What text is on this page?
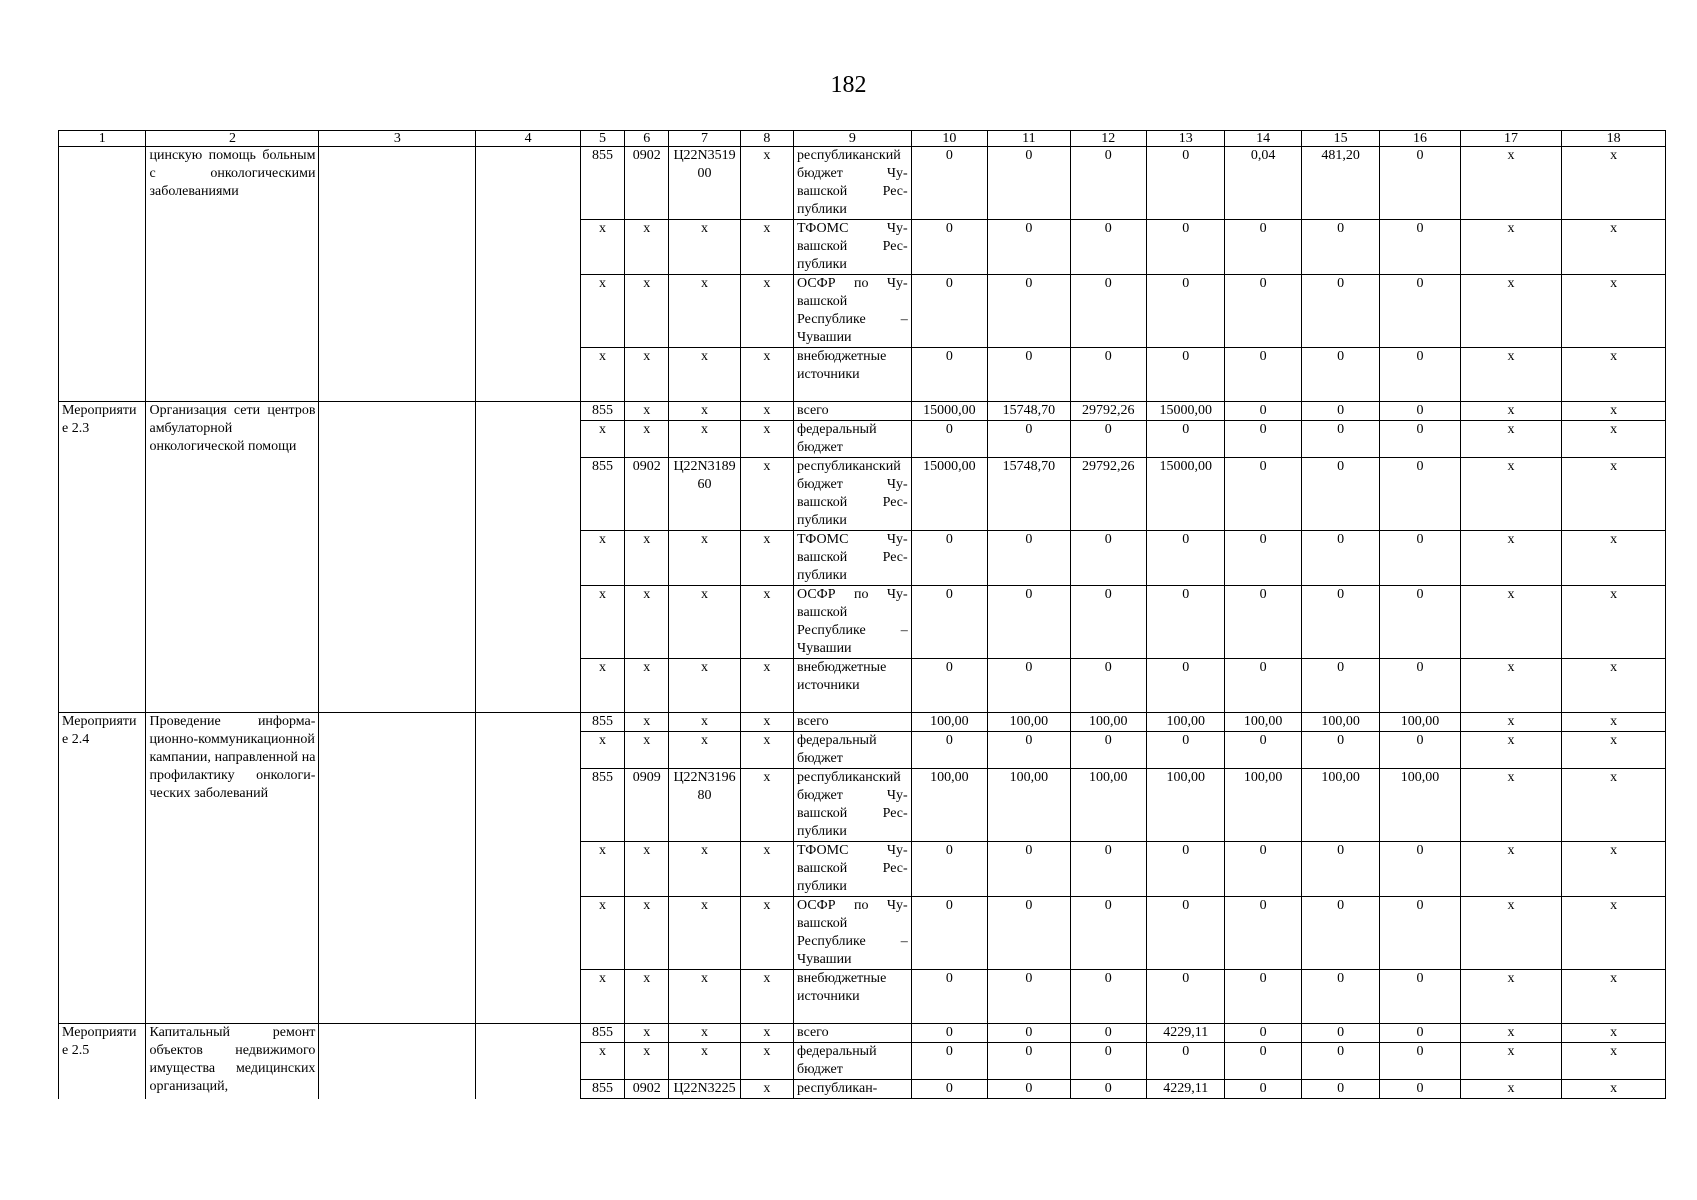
182
1	2	3	4	5	6	7	8	9	10	11	12	13	14	15	16	17	18
	цинскую помощь больным с онкологическими заболеваниями			855	0902	Ц22N3519 00	x	республиканский бюджет Чувашской Республики	0	0	0	0	0,04	481,20	0	x	x
				x	x	x	x	ТФОМС Чувашской Республики	0	0	0	0	0	0	0	x	x
				x	x	x	x	ОСФР по Чувашской Республике – Чувашии	0	0	0	0	0	0	0	x	x
				x	x	x	x	внебюджетные источники	0	0	0	0	0	0	0	x	x
Мероприятие 2.3	Организация сети центров амбулаторной онкологической помощи			855	x	x	x	всего	15000,00	15748,70	29792,26	15000,00	0	0	0	x	x
				x	x	x	x	федеральный бюджет	0	0	0	0	0	0	0	x	x
				855	0902	Ц22N3189 60	x	республиканский бюджет Чувашской Республики	15000,00	15748,70	29792,26	15000,00	0	0	0	x	x
				x	x	x	x	ТФОМС Чувашской Республики	0	0	0	0	0	0	0	x	x
				x	x	x	x	ОСФР по Чувашской Республике – Чувашии	0	0	0	0	0	0	0	x	x
				x	x	x	x	внебюджетные источники	0	0	0	0	0	0	0	x	x
Мероприятие 2.4	Проведение информационно-коммуникационной кампании, направленной на профилактику онкологических заболеваний			855	x	x	x	всего	100,00	100,00	100,00	100,00	100,00	100,00	100,00	x	x
				x	x	x	x	федеральный бюджет	0	0	0	0	0	0	0	x	x
				855	0909	Ц22N3196 80	x	республиканский бюджет Чувашской Республики	100,00	100,00	100,00	100,00	100,00	100,00	100,00	x	x
				x	x	x	x	ТФОМС Чувашской Республики	0	0	0	0	0	0	0	x	x
				x	x	x	x	ОСФР по Чувашской Республике – Чувашии	0	0	0	0	0	0	0	x	x
				x	x	x	x	внебюджетные источники	0	0	0	0	0	0	0	x	x
Мероприятие 2.5	Капитальный ремонт объектов недвижимого имущества медицинских организаций,			855	x	x	x	всего	0	0	0	4229,11	0	0	0	x	x
				x	x	x	x	федеральный бюджет	0	0	0	0	0	0	0	x	x
				855	0902	Ц22N3225	x	республикан-	0	0	0	4229,11	0	0	0	x	x
